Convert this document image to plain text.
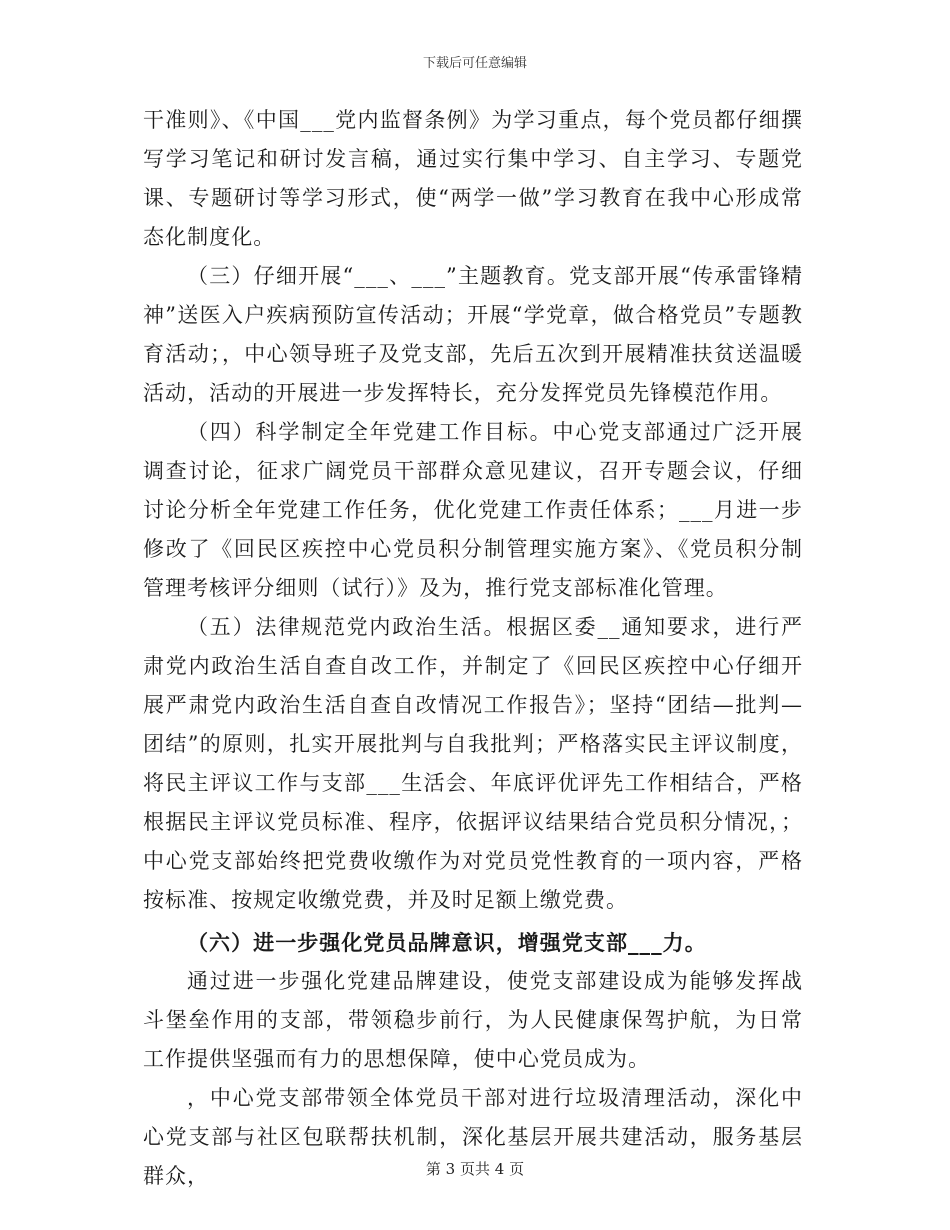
下载后可任意编辑

干准则》、《中国___党内监督条例》为学习重点，每个党员都仔细撰写学习笔记和研讨发言稿，通过实行集中学习、自主学习、专题党课、专题研讨等学习形式，使“两学一做”学习教育在我中心形成常态化制度化。

（三）仔细开展“___、___”主题教育。党支部开展“传承雷锋精神”送医入户疾病预防宣传活动；开展“学党章，做合格党员”专题教育活动；，中心领导班子及党支部，先后五次到开展精准扶贫送温暖活动，活动的开展进一步发挥特长，充分发挥党员先锋模范作用。

（四）科学制定全年党建工作目标。中心党支部通过广泛开展调查讨论，征求广阔党员干部群众意见建议，召开专题会议，仔细讨论分析全年党建工作任务，优化党建工作责任体系；___月进一步修改了《回民区疾控中心党员积分制管理实施方案》、《党员积分制管理考核评分细则（试行）》及为，推行党支部标准化管理。

（五）法律规范党内政治生活。根据区委__通知要求，进行严肃党内政治生活自查自改工作，并制定了《回民区疾控中心仔细开展严肃党内政治生活自查自改情况工作报告》；坚持“团结—批判—团结”的原则，扎实开展批判与自我批判；严格落实民主评议制度，将民主评议工作与支部___生活会、年底评优评先工作相结合，严格根据民主评议党员标准、程序，依据评议结果结合党员积分情况，；中心党支部始终把党费收缴作为对党员党性教育的一项内容，严格按标准、按规定收缴党费，并及时足额上缴党费。

（六）进一步强化党员品牌意识，增强党支部___力。

通过进一步强化党建品牌建设，使党支部建设成为能够发挥战斗堡垒作用的支部，带领稳步前行，为人民健康保驾护航，为日常工作提供坚强而有力的思想保障，使中心党员成为。

，中心党支部带领全体党员干部对进行垃圾清理活动，深化中心党支部与社区包联帮扶机制，深化基层开展共建活动，服务基层群众，	第 3 页共 4 页
